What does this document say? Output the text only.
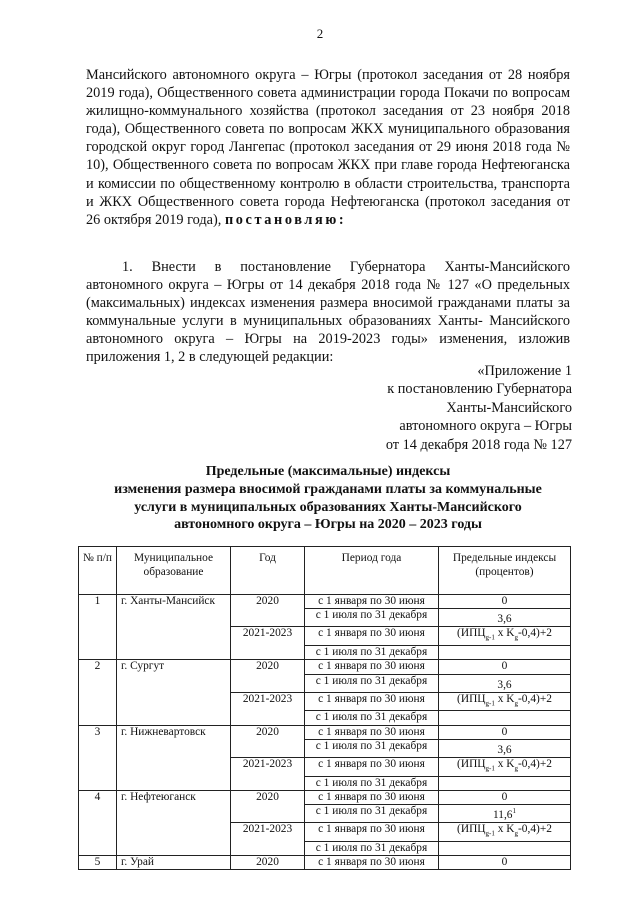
2

Мансийского автономного округа – Югры (протокол заседания от 28 ноября 2019 года), Общественного совета администрации города Покачи по вопросам жилищно-коммунального хозяйства (протокол заседания от 23 ноября 2018 года), Общественного совета по вопросам ЖКХ муниципального образования городской округ город Лангепас (протокол заседания от 29 июня 2018 года № 10), Общественного совета по вопросам ЖКХ при главе города Нефтеюганска и комиссии по общественному контролю в области строительства, транспорта и ЖКХ Общественного совета города Нефтеюганска (протокол заседания от 26 октября 2019 года), постановляю:

1. Внести в постановление Губернатора Ханты-Мансийского автономного округа – Югры от 14 декабря 2018 года № 127 «О предельных (максимальных) индексах изменения размера вносимой гражданами платы за коммунальные услуги в муниципальных образованиях Ханты- Мансийского автономного округа – Югры на 2019-2023 годы» изменения, изложив приложения 1, 2 в следующей редакции:

«Приложение 1
к постановлению Губернатора
Ханты-Мансийского
автономного округа – Югры
от 14 декабря 2018 года № 127
Предельные (максимальные) индексы
изменения размера вносимой гражданами платы за коммунальные
услуги в муниципальных образованиях Ханты-Мансийского
автономного округа – Югры на 2020 – 2023 годы
№ п/п	Муниципальное образование	Год	Период года	Предельные индексы (процентов)
1	г. Ханты-Мансийск	2020	с 1 января по 30 июня	0
			с 1 июля по 31 декабря	3,6
		2021-2023	с 1 января по 30 июня	($ИПЦ_{g-1}$ x $K_g-0,4)+2$
			с 1 июля по 31 декабря	
2	г. Сургут	2020	с 1 января по 30 июня	0
			с 1 июля по 31 декабря	3,6
		2021-2023	с 1 января по 30 июня	($ИПЦ_{g-1}$ x $K_g-0,4)+2$
			с 1 июля по 31 декабря	
3	г. Нижневартовск	2020	с 1 января по 30 июня	0
			с 1 июля по 31 декабря	3,6
		2021-2023	с 1 января по 30 июня	($ИПЦ_{g-1}$ x $K_g-0,4)+2$
			с 1 июля по 31 декабря	
4	г. Нефтеюганск	2020	с 1 января по 30 июня	0
			с 1 июля по 31 декабря	11,6$^1$
		2021-2023	с 1 января по 30 июня	($ИПЦ_{g-1}$ x $K_g-0,4)+2$
			с 1 июля по 31 декабря	
5	г. Урай	2020	с 1 января по 30 июня	0
